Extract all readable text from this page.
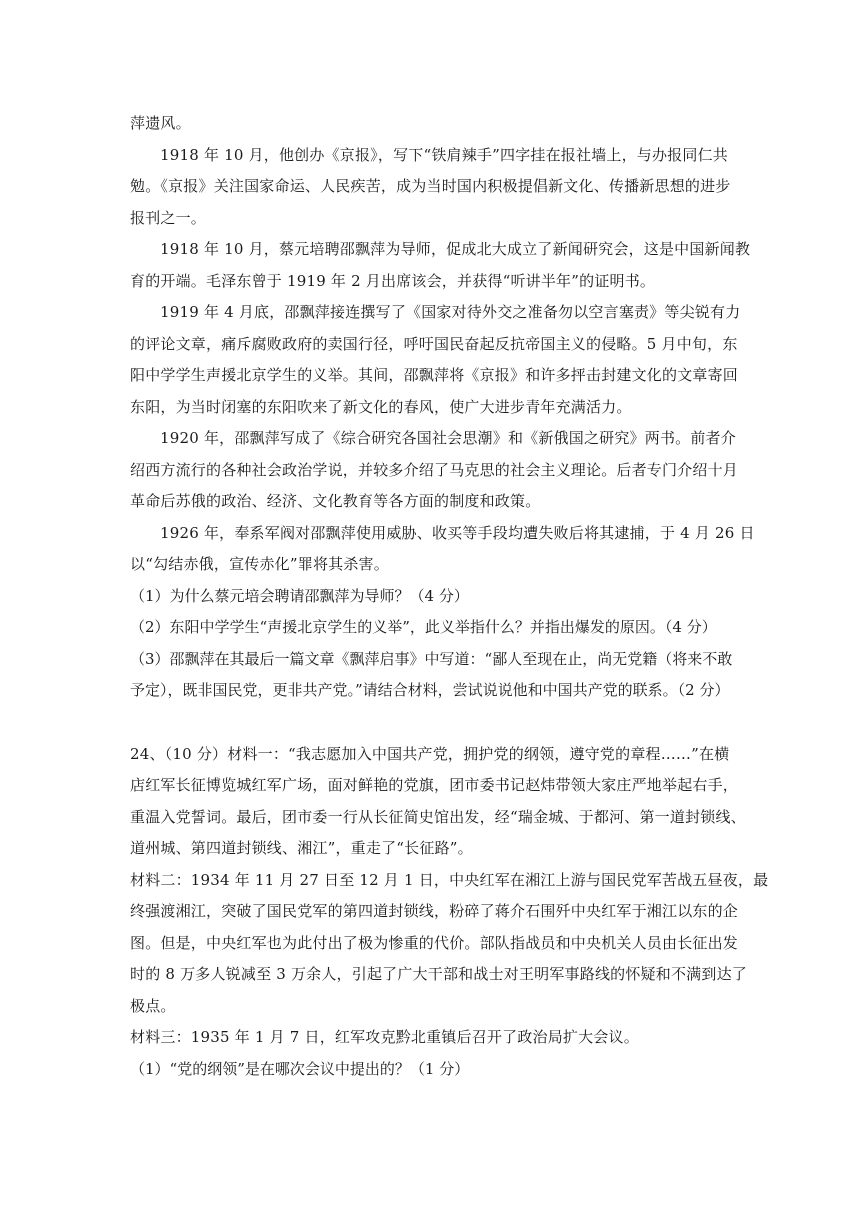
萍遗风。
1918 年 10 月，他创办《京报》，写下“铁肩辣手”四字挂在报社墙上，与办报同仁共
勉。《京报》关注国家命运、人民疾苦，成为当时国内积极提倡新文化、传播新思想的进步
报刊之一。
1918 年 10 月，蔡元培聘邵飘萍为导师，促成北大成立了新闻研究会，这是中国新闻教
育的开端。毛泽东曾于 1919 年 2 月出席该会，并获得“听讲半年”的证明书。
1919 年 4 月底，邵飘萍接连撰写了《国家对待外交之准备勿以空言塞责》等尖锐有力
的评论文章，痛斥腐败政府的卖国行径，呼吁国民奋起反抗帝国主义的侵略。5 月中旬，东
阳中学学生声援北京学生的义举。其间，邵飘萍将《京报》和许多抨击封建文化的文章寄回
东阳，为当时闭塞的东阳吹来了新文化的春风，使广大进步青年充满活力。
1920 年，邵飘萍写成了《综合研究各国社会思潮》和《新俄国之研究》两书。前者介
绍西方流行的各种社会政治学说，并较多介绍了马克思的社会主义理论。后者专门介绍十月
革命后苏俄的政治、经济、文化教育等各方面的制度和政策。
1926 年，奉系军阀对邵飘萍使用威胁、收买等手段均遭失败后将其逮捕，于 4 月 26 日
以“勾结赤俄，宣传赤化”罪将其杀害。
（1）为什么蔡元培会聘请邵飘萍为导师？（4 分）
（2）东阳中学学生“声援北京学生的义举”，此义举指什么？并指出爆发的原因。（4 分）
（3）邵飘萍在其最后一篇文章《飘萍启事》中写道：“鄙人至现在止，尚无党籍（将来不敢
予定），既非国民党，更非共产党。”请结合材料，尝试说说他和中国共产党的联系。（2 分）
24、（10 分）材料一：“我志愿加入中国共产党，拥护党的纲领，遵守党的章程……”在横
店红军长征博览城红军广场，面对鲜艳的党旗，团市委书记赵炜带领大家庄严地举起右手，
重温入党誓词。最后，团市委一行从长征简史馆出发，经“瑞金城、于都河、第一道封锁线、
道州城、第四道封锁线、湘江”，重走了“长征路”。
材料二：1934 年 11 月 27 日至 12 月 1 日，中央红军在湘江上游与国民党军苦战五昼夜，最
终强渡湘江，突破了国民党军的第四道封锁线，粉碎了蒋介石围歼中央红军于湘江以东的企
图。但是，中央红军也为此付出了极为惨重的代价。部队指战员和中央机关人员由长征出发
时的 8 万多人锐减至 3 万余人，引起了广大干部和战士对王明军事路线的怀疑和不满到达了
极点。
材料三：1935 年 1 月 7 日，红军攻克黔北重镇后召开了政治局扩大会议。
（1）“党的纲领”是在哪次会议中提出的？（1 分）
